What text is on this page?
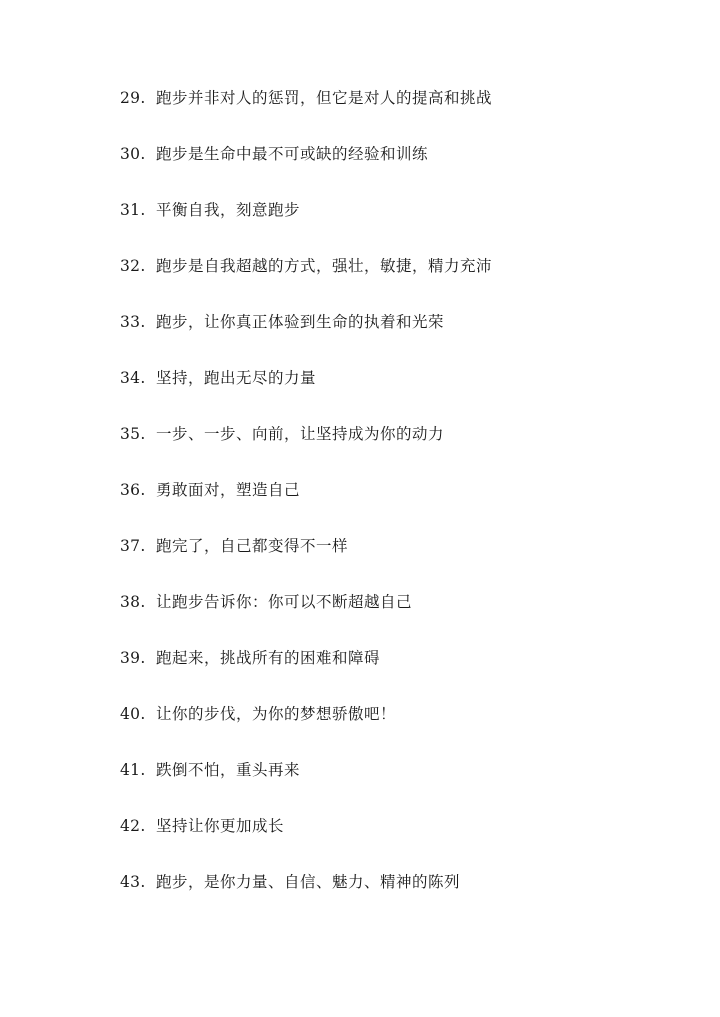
29. 跑步并非对人的惩罚，但它是对人的提高和挑战
30. 跑步是生命中最不可或缺的经验和训练
31. 平衡自我，刻意跑步
32. 跑步是自我超越的方式，强壮，敏捷，精力充沛
33. 跑步，让你真正体验到生命的执着和光荣
34. 坚持，跑出无尽的力量
35. 一步、一步、向前，让坚持成为你的动力
36. 勇敢面对，塑造自己
37. 跑完了，自己都变得不一样
38. 让跑步告诉你：你可以不断超越自己
39. 跑起来，挑战所有的困难和障碍
40. 让你的步伐，为你的梦想骄傲吧！
41. 跌倒不怕，重头再来
42. 坚持让你更加成长
43. 跑步，是你力量、自信、魅力、精神的陈列
